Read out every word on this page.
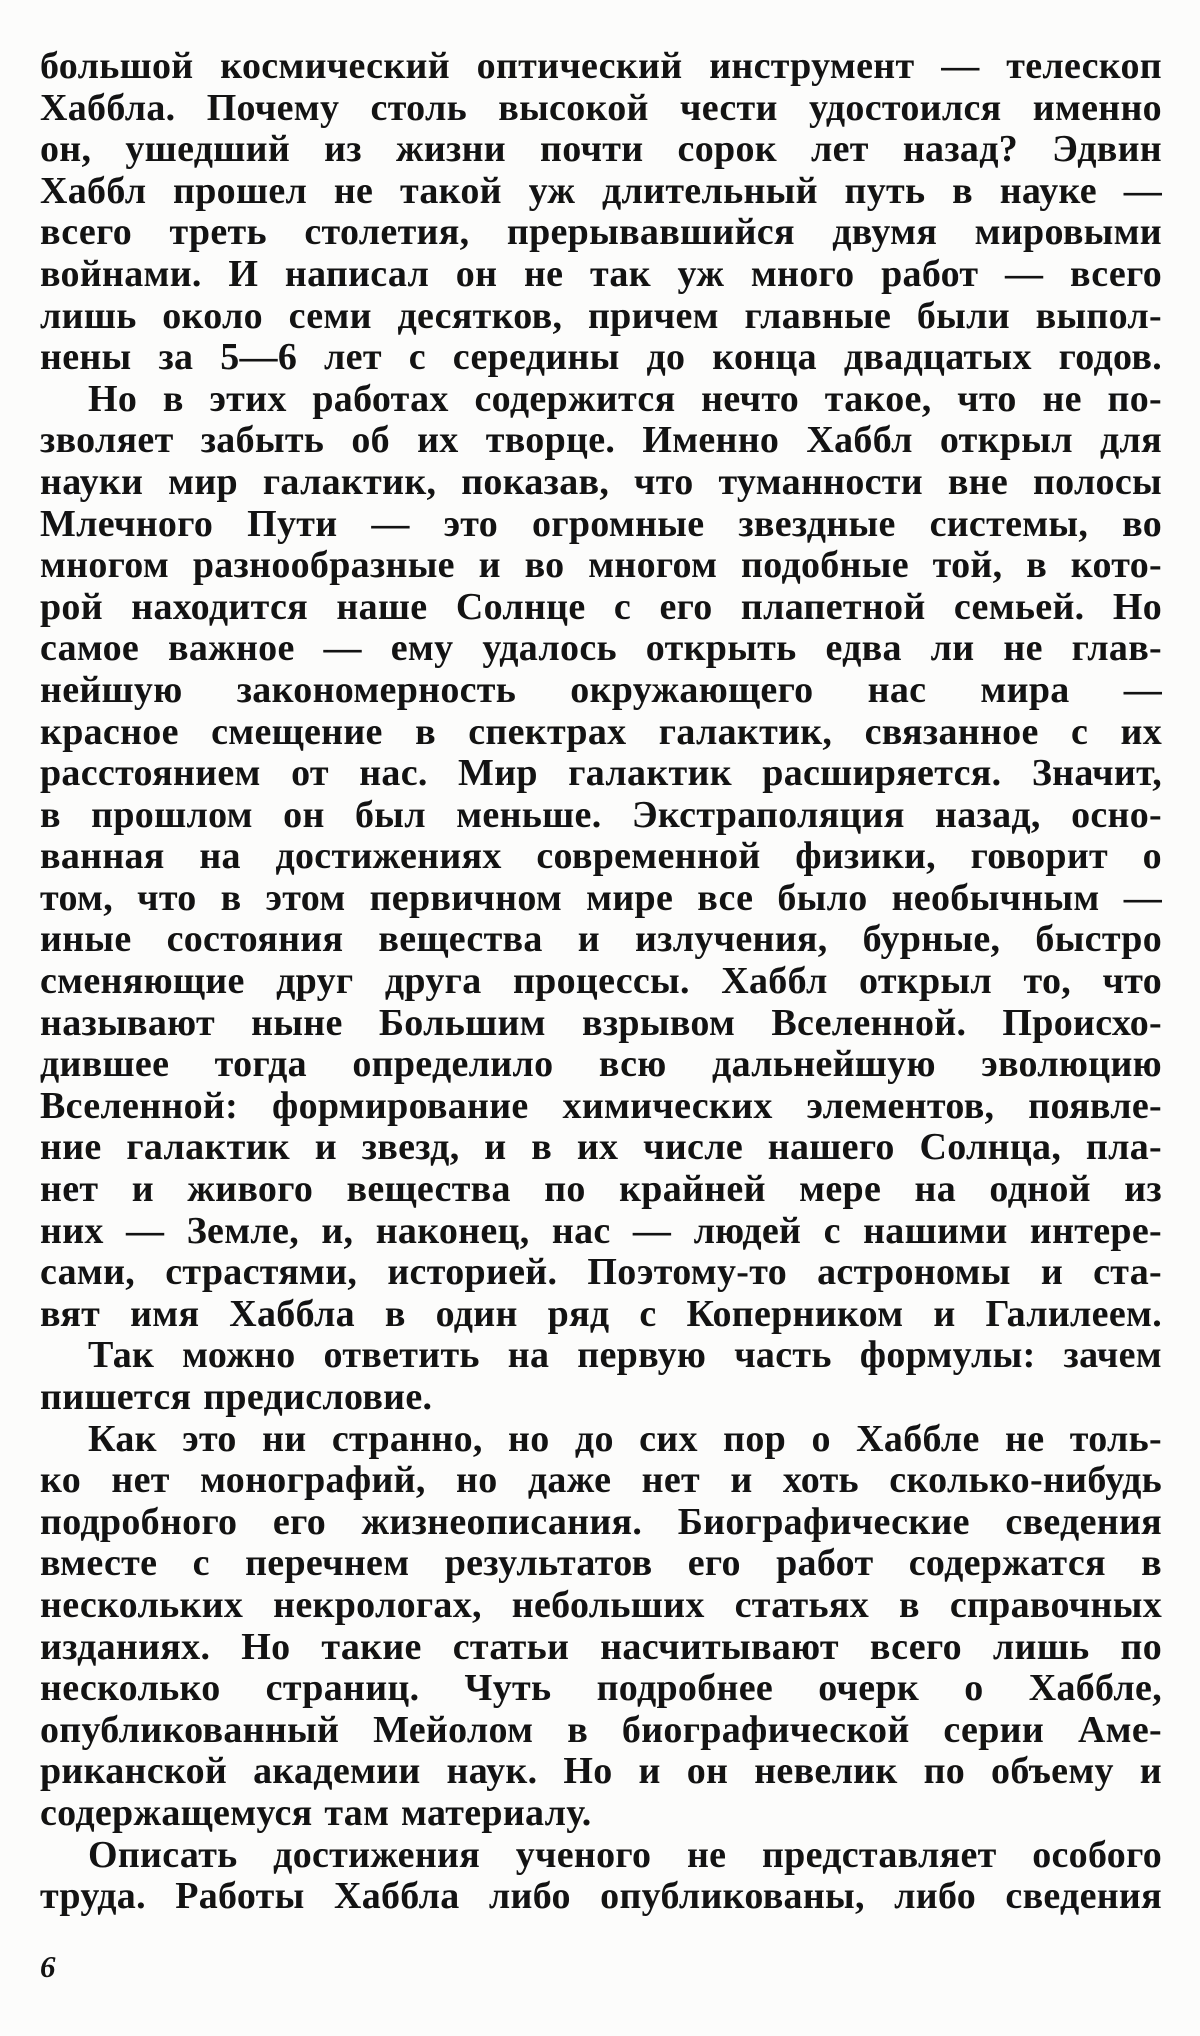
большой космический оптический инструмент — телескоп
Хаббла. Почему столь высокой чести удостоился именно
он, ушедший из жизни почти сорок лет назад? Эдвин
Хаббл прошел не такой уж длительный путь в науке —
всего треть столетия, прерывавшийся двумя мировыми
войнами. И написал он не так уж много работ — всего
лишь около семи десятков, причем главные были выпол-
нены за 5—6 лет с середины до конца двадцатых годов.
Но в этих работах содержится нечто такое, что не по-
зволяет забыть об их творце. Именно Хаббл открыл для
науки мир галактик, показав, что туманности вне полосы
Млечного Пути — это огромные звездные системы, во
многом разнообразные и во многом подобные той, в кото-
рой находится наше Солнце с его плапетной семьей. Но
самое важное — ему удалось открыть едва ли не глав-
нейшую закономерность окружающего нас мира —
красное смещение в спектрах галактик, связанное с их
расстоянием от нас. Мир галактик расширяется. Значит,
в прошлом он был меньше. Экстраполяция назад, осно-
ванная на достижениях современной физики, говорит о
том, что в этом первичном мире все было необычным —
иные состояния вещества и излучения, бурные, быстро
сменяющие друг друга процессы. Хаббл открыл то, что
называют ныне Большим взрывом Вселенной. Происхо-
дившее тогда определило всю дальнейшую эволюцию
Вселенной: формирование химических элементов, появле-
ние галактик и звезд, и в их числе нашего Солнца, пла-
нет и живого вещества по крайней мере на одной из
них — Земле, и, наконец, нас — людей с нашими интере-
сами, страстями, историей. Поэтому-то астрономы и ста-
вят имя Хаббла в один ряд с Коперником и Галилеем.
Так можно ответить на первую часть формулы: зачем
пишется предисловие.
Как это ни странно, но до сих пор о Хаббле не толь-
ко нет монографий, но даже нет и хоть сколько-нибудь
подробного его жизнеописания. Биографические сведения
вместе с перечнем результатов его работ содержатся в
нескольких некрологах, небольших статьях в справочных
изданиях. Но такие статьи насчитывают всего лишь по
несколько страниц. Чуть подробнее очерк о Хаббле,
опубликованный Мейолом в биографической серии Аме-
риканской академии наук. Но и он невелик по объему и
содержащемуся там материалу.
Описать достижения ученого не представляет особого
труда. Работы Хаббла либо опубликованы, либо сведения
6
